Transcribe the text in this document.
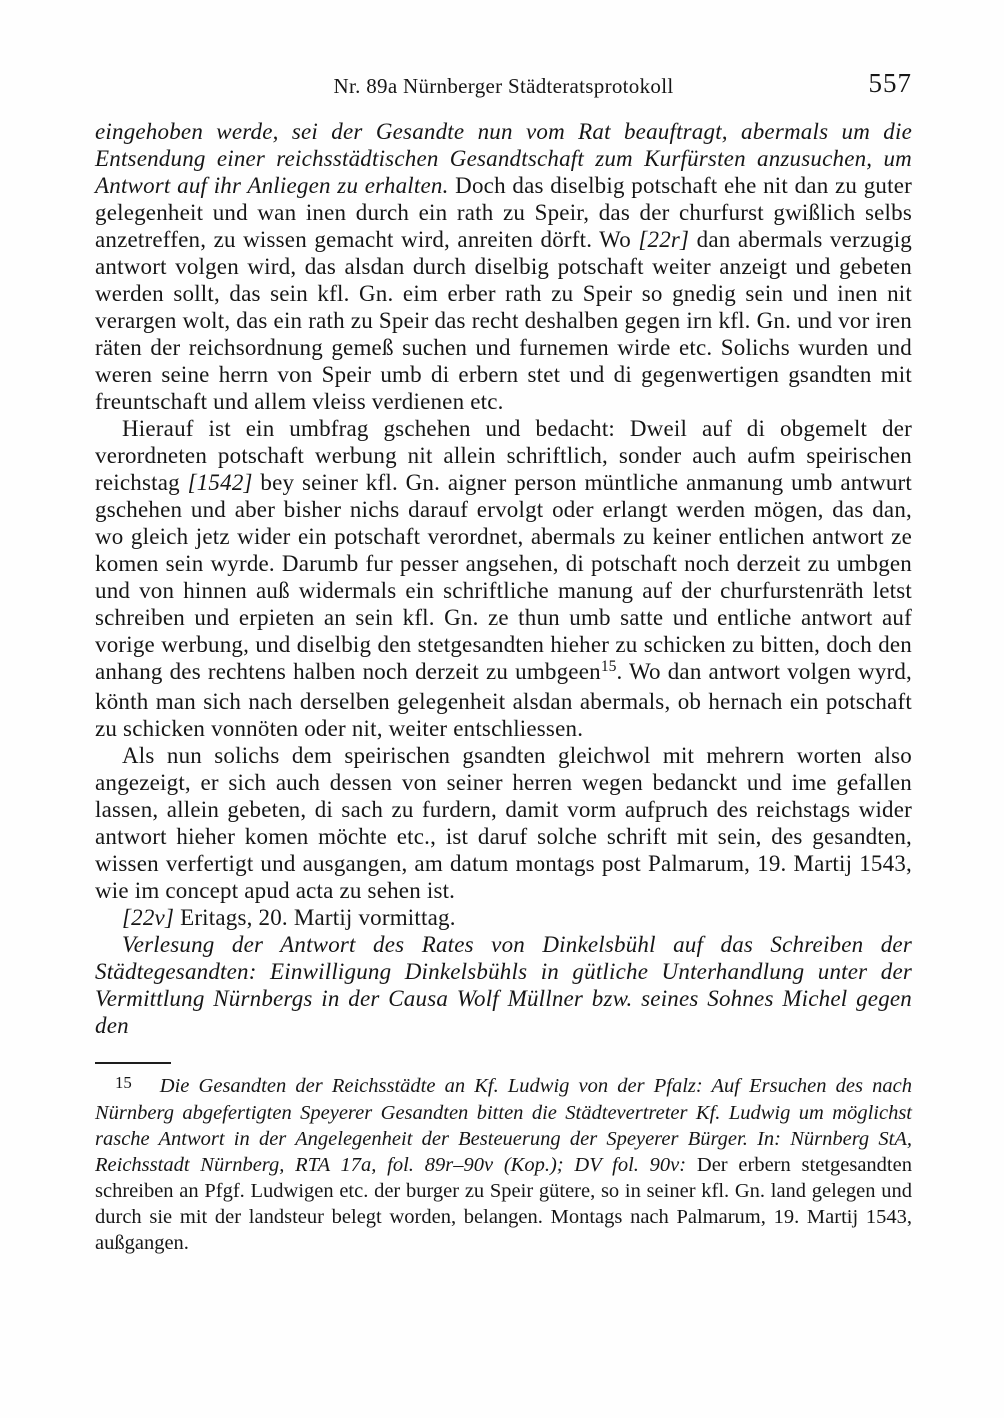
Nr. 89a Nürnberger Städteratsprotokoll	557

eingehoben werde, sei der Gesandte nun vom Rat beauftragt, abermals um die Entsendung einer reichsstädtischen Gesandtschaft zum Kurfürsten anzusuchen, um Antwort auf ihr Anliegen zu erhalten. Doch das diselbig potschaft ehe nit dan zu guter gelegenheit und wan inen durch ein rath zu Speir, das der churfurst gwißlich selbs anzetreffen, zu wissen gemacht wird, anreiten dörft. Wo [22r] dan abermals verzugig antwort volgen wird, das alsdan durch diselbig potschaft weiter anzeigt und gebeten werden sollt, das sein kfl. Gn. eim erber rath zu Speir so gnedig sein und inen nit verargen wolt, das ein rath zu Speir das recht deshalben gegen irn kfl. Gn. und vor iren räten der reichsordnung gemeß suchen und furnemen wirde etc. Solichs wurden und weren seine herrn von Speir umb di erbern stet und di gegenwertigen gsandten mit freuntschaft und allem vleiss verdienen etc.

Hierauf ist ein umbfrag gschehen und bedacht: Dweil auf di obgemelt der verordneten potschaft werbung nit allein schriftlich, sonder auch aufm speirischen reichstag [1542] bey seiner kfl. Gn. aigner person müntliche anmanung umb antwurt gschehen und aber bisher nichs darauf ervolgt oder erlangt werden mögen, das dan, wo gleich jetz wider ein potschaft verordnet, abermals zu keiner entlichen antwort ze komen sein wyrde. Darumb fur pesser angsehen, di potschaft noch derzeit zu umbgen und von hinnen auß widermals ein schriftliche manung auf der churfurstenräth letst schreiben und erpieten an sein kfl. Gn. ze thun umb satte und entliche antwort auf vorige werbung, und diselbig den stetgesandten hieher zu schicken zu bitten, doch den anhang des rechtens halben noch derzeit zu umbgeen$^{15}$. Wo dan antwort volgen wyrd, könth man sich nach derselben gelegenheit alsdan abermals, ob hernach ein potschaft zu schicken vonnöten oder nit, weiter entschliessen.

Als nun solichs dem speirischen gsandten gleichwol mit mehrern worten also angezeigt, er sich auch dessen von seiner herren wegen bedanckt und ime gefallen lassen, allein gebeten, di sach zu furdern, damit vorm aufpruch des reichstags wider antwort hieher komen möchte etc., ist daruf solche schrift mit sein, des gesandten, wissen verfertigt und ausgangen, am datum montags post Palmarum, 19. Martij 1543, wie im concept apud acta zu sehen ist.

[22v] Eritags, 20. Martij vormittag.

Verlesung der Antwort des Rates von Dinkelsbühl auf das Schreiben der Städtegesandten: Einwilligung Dinkelsbühls in gütliche Unterhandlung unter der Vermittlung Nürnbergs in der Causa Wolf Müllner bzw. seines Sohnes Michel gegen den

15 Die Gesandten der Reichsstädte an Kf. Ludwig von der Pfalz: Auf Ersuchen des nach Nürnberg abgefertigten Speyerer Gesandten bitten die Städtevertreter Kf. Ludwig um möglichst rasche Antwort in der Angelegenheit der Besteuerung der Speyerer Bürger. In: Nürnberg StA, Reichsstadt Nürnberg, RTA 17a, fol. 89r–90v (Kop.); DV fol. 90v: Der erbern stetgesandten schreiben an Pfgf. Ludwigen etc. der burger zu Speir gütere, so in seiner kfl. Gn. land gelegen und durch sie mit der landsteur belegt worden, belangen. Montags nach Palmarum, 19. Martij 1543, außgangen.
